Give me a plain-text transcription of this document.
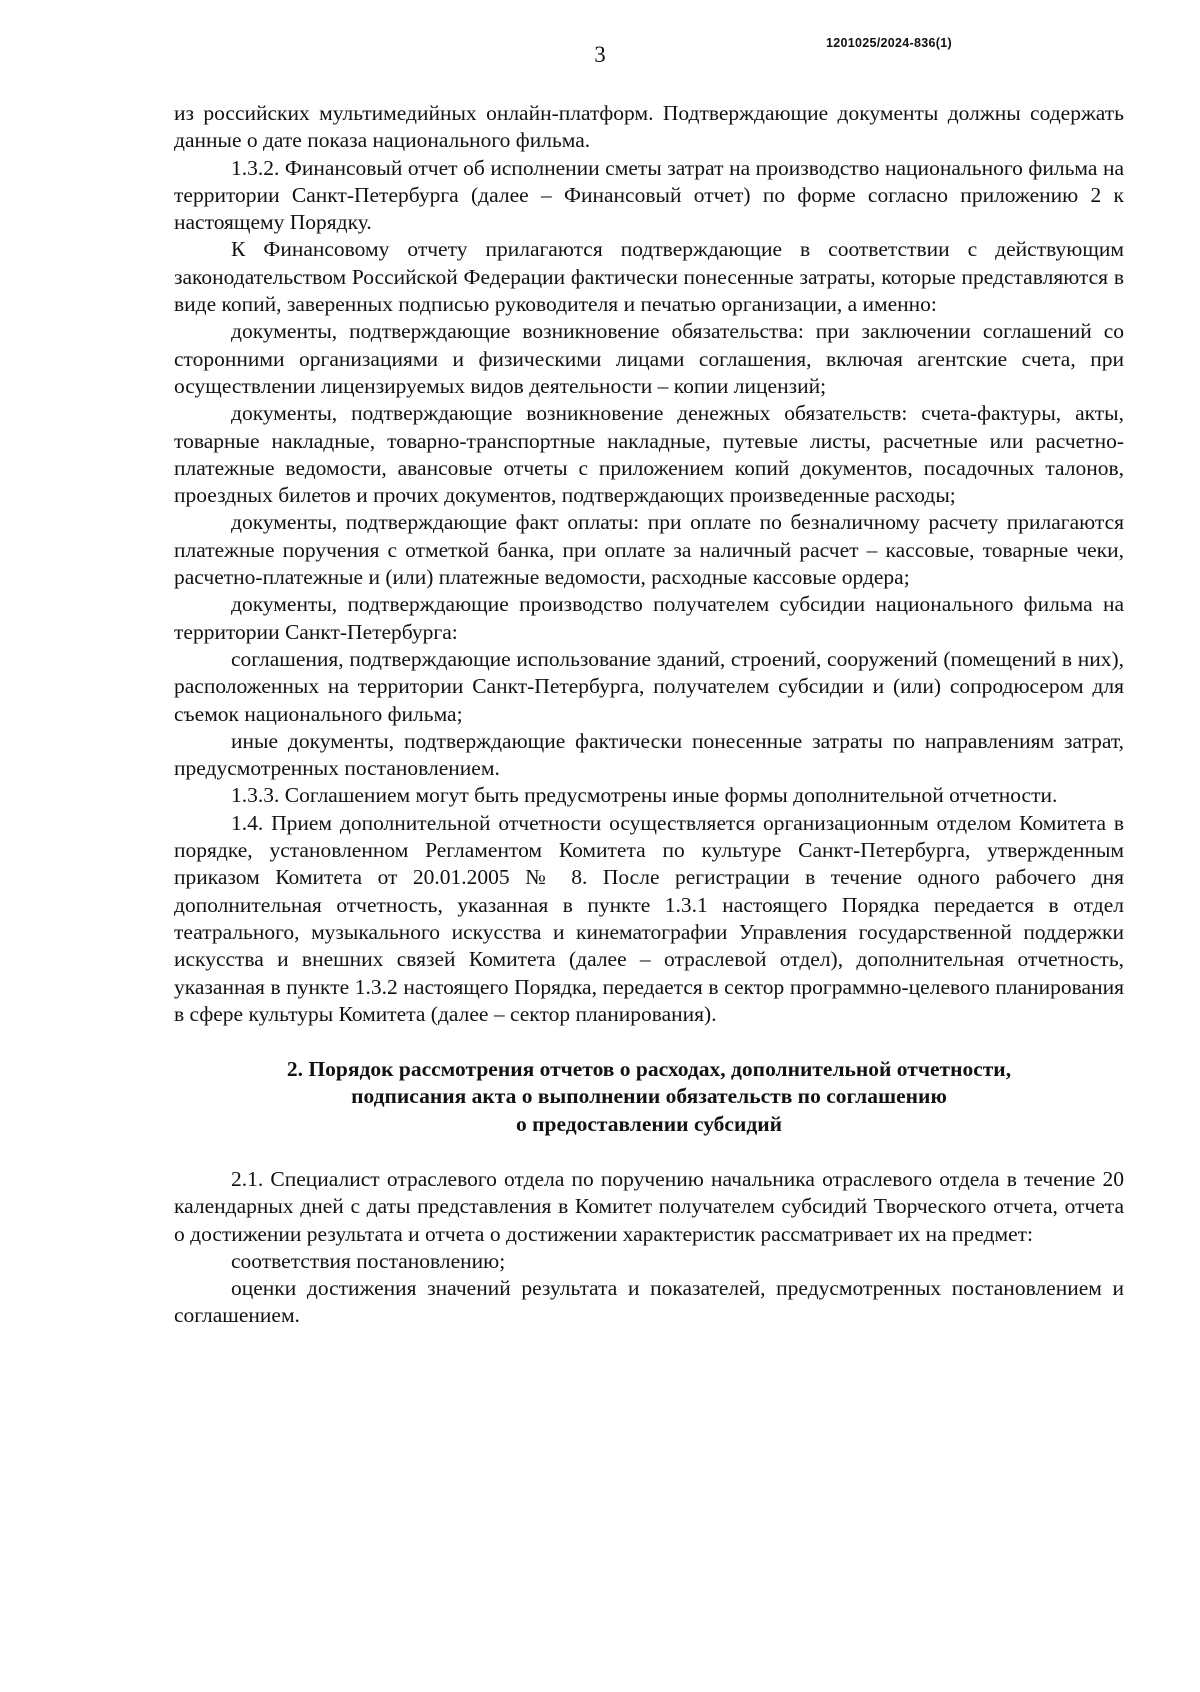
3	1201025/2024-836(1)

из российских мультимедийных онлайн-платформ. Подтверждающие документы должны содержать данные о дате показа национального фильма.

1.3.2. Финансовый отчет об исполнении сметы затрат на производство национального фильма на территории Санкт-Петербурга (далее – Финансовый отчет) по форме согласно приложению 2 к настоящему Порядку.

К Финансовому отчету прилагаются подтверждающие в соответствии с действующим законодательством Российской Федерации фактически понесенные затраты, которые представляются в виде копий, заверенных подписью руководителя и печатью организации, а именно:

документы, подтверждающие возникновение обязательства: при заключении соглашений со сторонними организациями и физическими лицами соглашения, включая агентские счета, при осуществлении лицензируемых видов деятельности – копии лицензий;

документы, подтверждающие возникновение денежных обязательств: счета-фактуры, акты, товарные накладные, товарно-транспортные накладные, путевые листы, расчетные или расчетно-платежные ведомости, авансовые отчеты с приложением копий документов, посадочных талонов, проездных билетов и прочих документов, подтверждающих произведенные расходы;

документы, подтверждающие факт оплаты: при оплате по безналичному расчету прилагаются платежные поручения с отметкой банка, при оплате за наличный расчет – кассовые, товарные чеки, расчетно-платежные и (или) платежные ведомости, расходные кассовые ордера;

документы, подтверждающие производство получателем субсидии национального фильма на территории Санкт-Петербурга:

соглашения, подтверждающие использование зданий, строений, сооружений (помещений в них), расположенных на территории Санкт-Петербурга, получателем субсидии и (или) сопродюсером для съемок национального фильма;

иные документы, подтверждающие фактически понесенные затраты по направлениям затрат, предусмотренных постановлением.

1.3.3. Соглашением могут быть предусмотрены иные формы дополнительной отчетности.

1.4. Прием дополнительной отчетности осуществляется организационным отделом Комитета в порядке, установленном Регламентом Комитета по культуре Санкт-Петербурга, утвержденным приказом Комитета от 20.01.2005 № 8. После регистрации в течение одного рабочего дня дополнительная отчетность, указанная в пункте 1.3.1 настоящего Порядка передается в отдел театрального, музыкального искусства и кинематографии Управления государственной поддержки искусства и внешних связей Комитета (далее – отраслевой отдел), дополнительная отчетность, указанная в пункте 1.3.2 настоящего Порядка, передается в сектор программно-целевого планирования в сфере культуры Комитета (далее – сектор планирования).

2. Порядок рассмотрения отчетов о расходах, дополнительной отчетности,
подписания акта о выполнении обязательств по соглашению
о предоставлении субсидий

2.1. Специалист отраслевого отдела по поручению начальника отраслевого отдела в течение 20 календарных дней с даты представления в Комитет получателем субсидий Творческого отчета, отчета о достижении результата и отчета о достижении характеристик рассматривает их на предмет:

соответствия постановлению;

оценки достижения значений результата и показателей, предусмотренных постановлением и соглашением.
